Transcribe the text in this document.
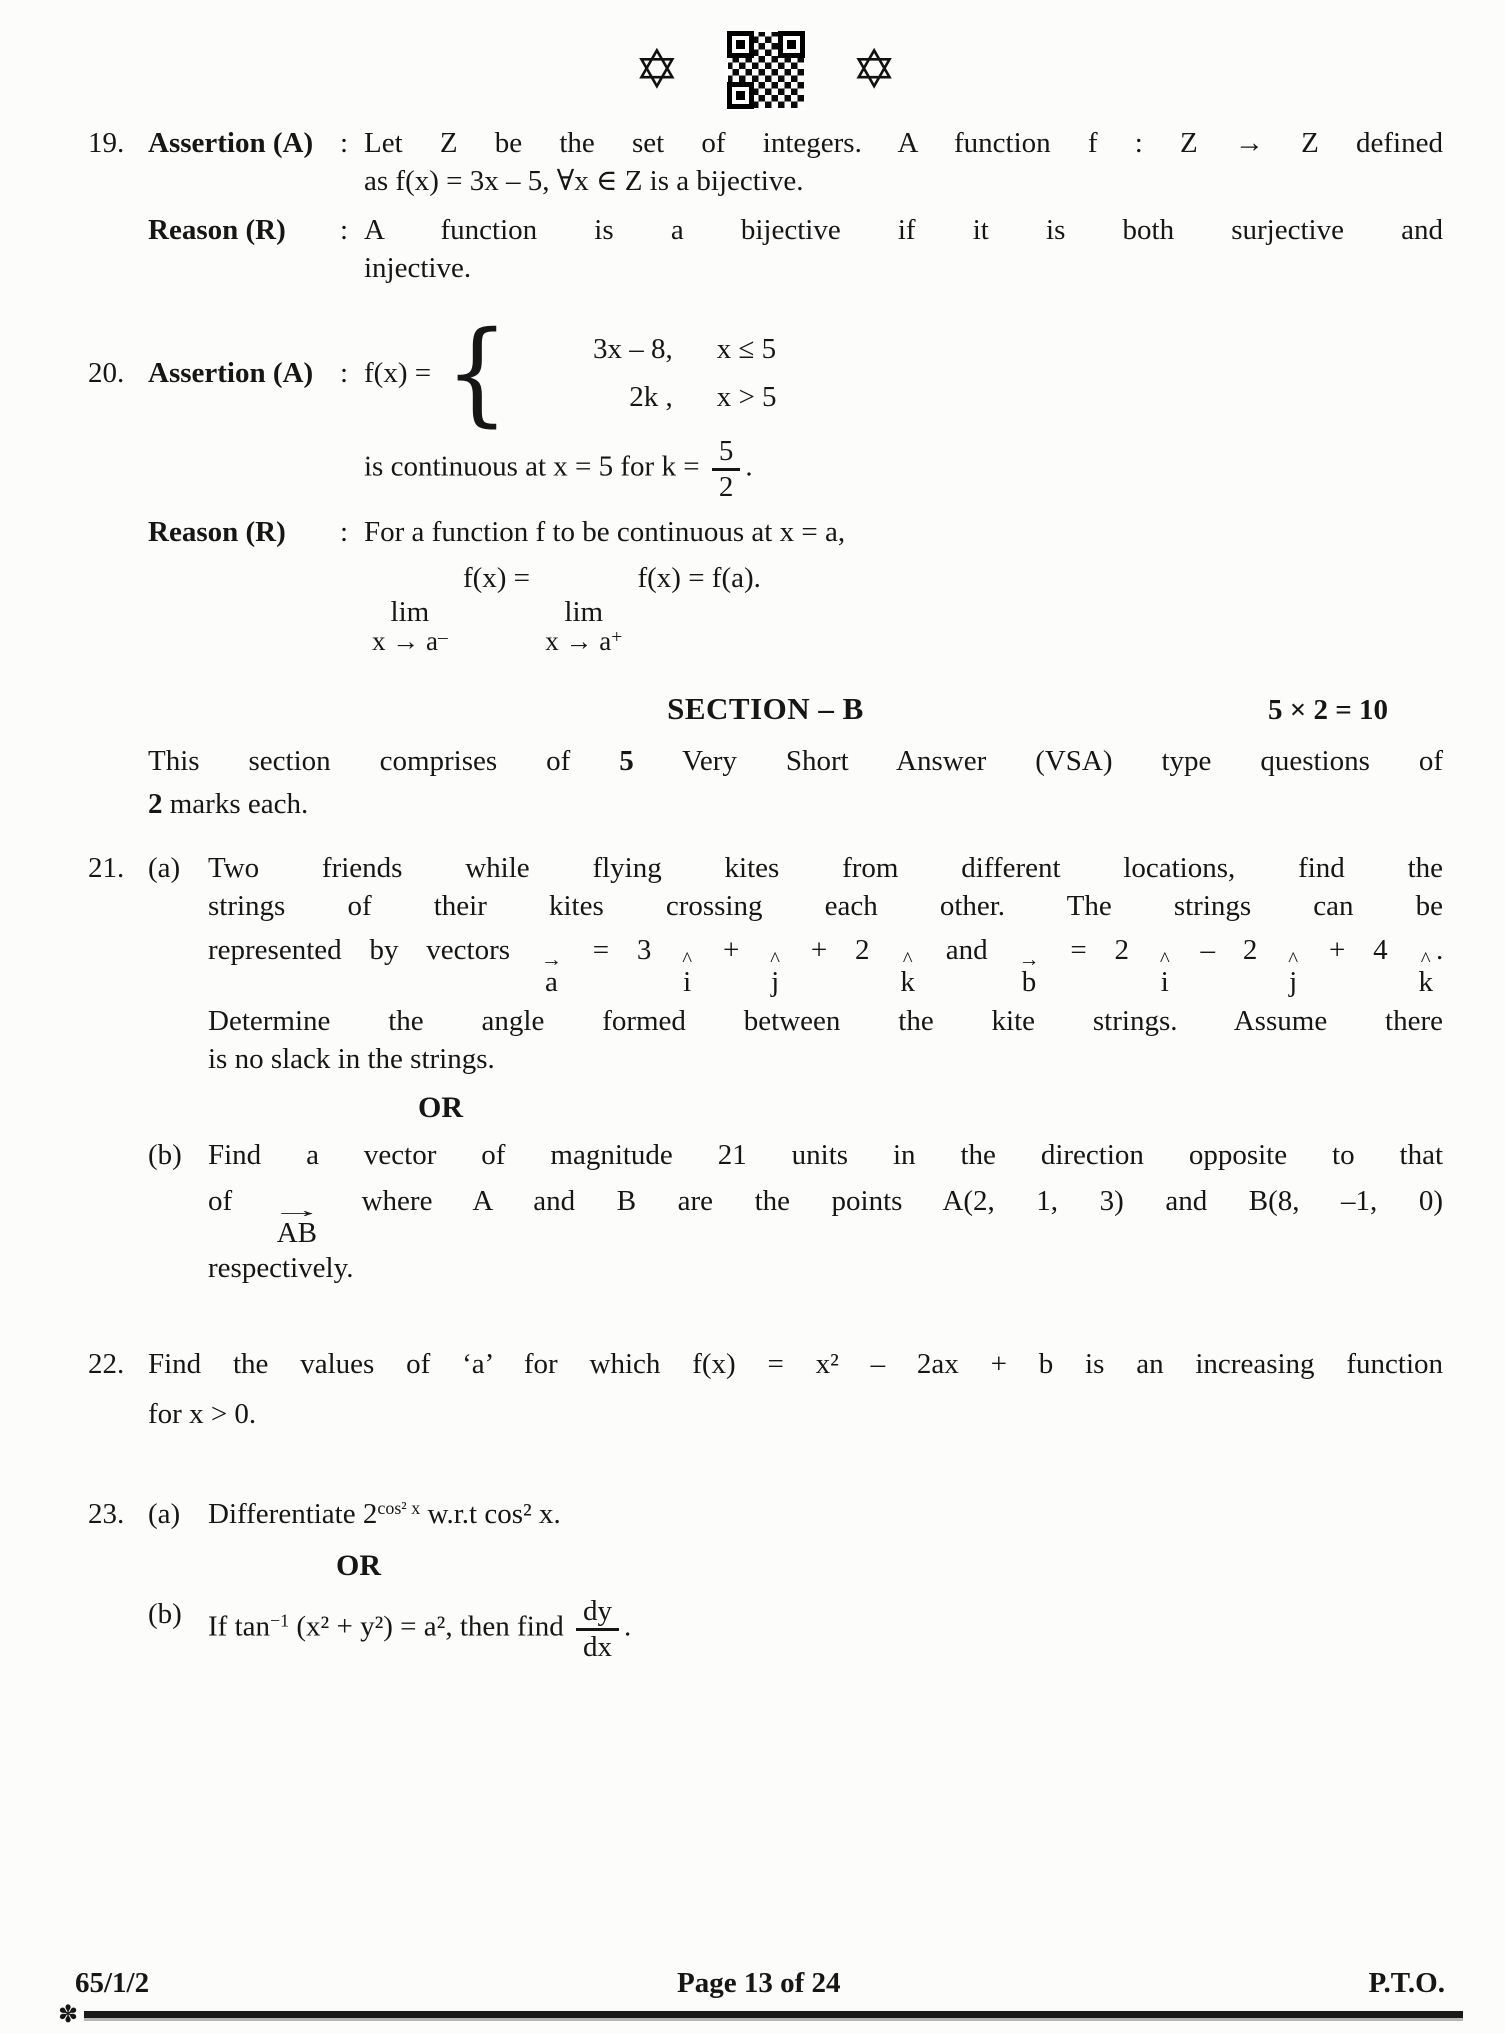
✡	✡
19. Assertion (A) : Let Z be the set of integers. A function f : Z → Z defined
as f(x) = 3x – 5, ∀x ∈ Z is a bijective.
Reason (R)	: A function is a bijective if it is both surjective and
injective.
20. Assertion (A) : f(x) = {	3x – 8, x ≤ 5
2k , x > 5
is continuous at x = 5 for $k = \frac{5}{2}$ .
Reason (R)	: For a function f to be continuous at x = a,
lim
x → a–
f(x) =
lim
x → a+
f(x) = f(a).
SECTION – B	5 × 2 = 10
This section comprises of 5 Very Short Answer (VSA) type questions of
2 marks each.
21. (a) Two friends while flying kites from different locations, find the
strings of their kites crossing each other. The strings can be
represented by vectors →
a
= 3 ^
i
+ ^
j
+ 2 ^
k
and →
b
= 2 ^
i
– 2 ^
j
+ 4 ^
k
.
Determine the angle formed between the kite strings. Assume there
is no slack in the strings.
OR
(b) Find a vector of magnitude 21 units in the direction opposite to that
of →
AB
where A and B are the points A(2, 1, 3) and B(8, –1, 0)
respectively.
22. Find the values of ‘a’ for which f(x) = x² – 2ax + b is an increasing function
for x > 0.
23. (a) Differentiate $2^{cos^2 x}$ w.r.t cos² x.
OR
(b) If $\tan^{-1} (x^2 + y^2) = a^2$, then find $\frac{dy}{dx}$ .
65/1/2	Page 13 of 24	P.T.O.
✽
